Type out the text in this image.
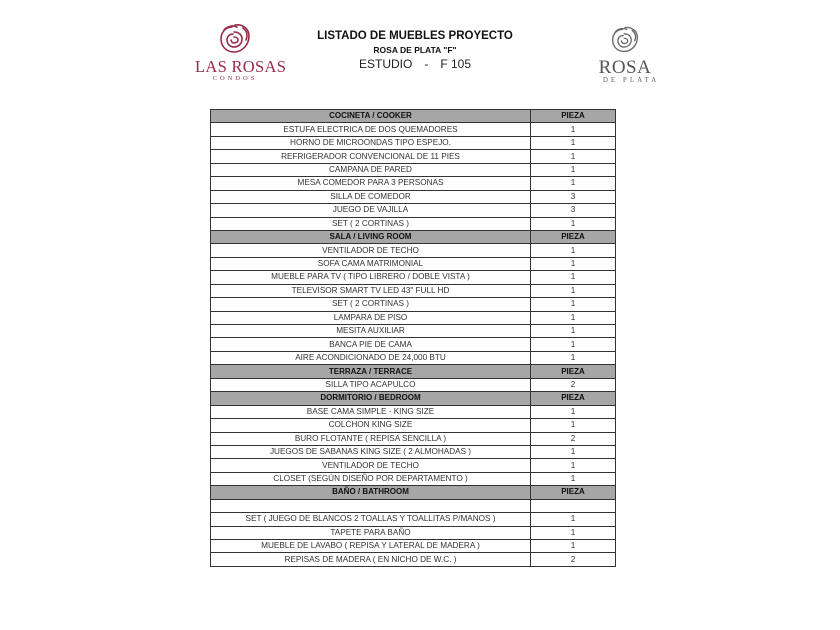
LAS ROSAS
CONDOS
LISTADO DE MUEBLES PROYECTO
ROSA DE PLATA "F"
ESTUDIO - F 105	ROSA
DE PLATA
COCINETA / COOKER	PIEZA
ESTUFA ELECTRICA DE DOS QUEMADORES	1
HORNO DE MICROONDAS TIPO ESPEJO.	1
REFRIGERADOR CONVENCIONAL DE 11 PIES	1
CAMPANA DE PARED	1
MESA COMEDOR PARA 3 PERSONAS	1
SILLA DE COMEDOR	3
JUEGO DE VAJILLA	3
SET ( 2 CORTINAS )	1
SALA / LIVING ROOM	PIEZA
VENTILADOR DE TECHO	1
SOFA CAMA MATRIMONIAL	1
MUEBLE PARA TV ( TIPO LIBRERO / DOBLE VISTA )	1
TELEVISOR SMART TV LED 43" FULL HD	1
SET ( 2 CORTINAS )	1
LAMPARA DE PISO	1
MESITA AUXILIAR	1
BANCA PIE DE CAMA	1
AIRE ACONDICIONADO DE 24,000 BTU	1
TERRAZA / TERRACE	PIEZA
SILLA TIPO ACAPULCO	2
DORMITORIO / BEDROOM	PIEZA
BASE CAMA SIMPLE - KING SIZE	1
COLCHON KING SIZE	1
BURO FLOTANTE ( REPISA SENCILLA )	2
JUEGOS DE SABANAS KING SIZE ( 2 ALMOHADAS )	1
VENTILADOR DE TECHO	1
CLOSET (SEGÚN DISEÑO POR DEPARTAMENTO )	1
BAÑO / BATHROOM	PIEZA

SET ( JUEGO DE BLANCOS 2 TOALLAS Y TOALLITAS P/MANOS )	1
TAPETE PARA BAÑO	1
MUEBLE DE LAVABO ( REPISA Y LATERAL DE MADERA )	1
REPISAS DE MADERA ( EN NICHO DE W.C. )	2
